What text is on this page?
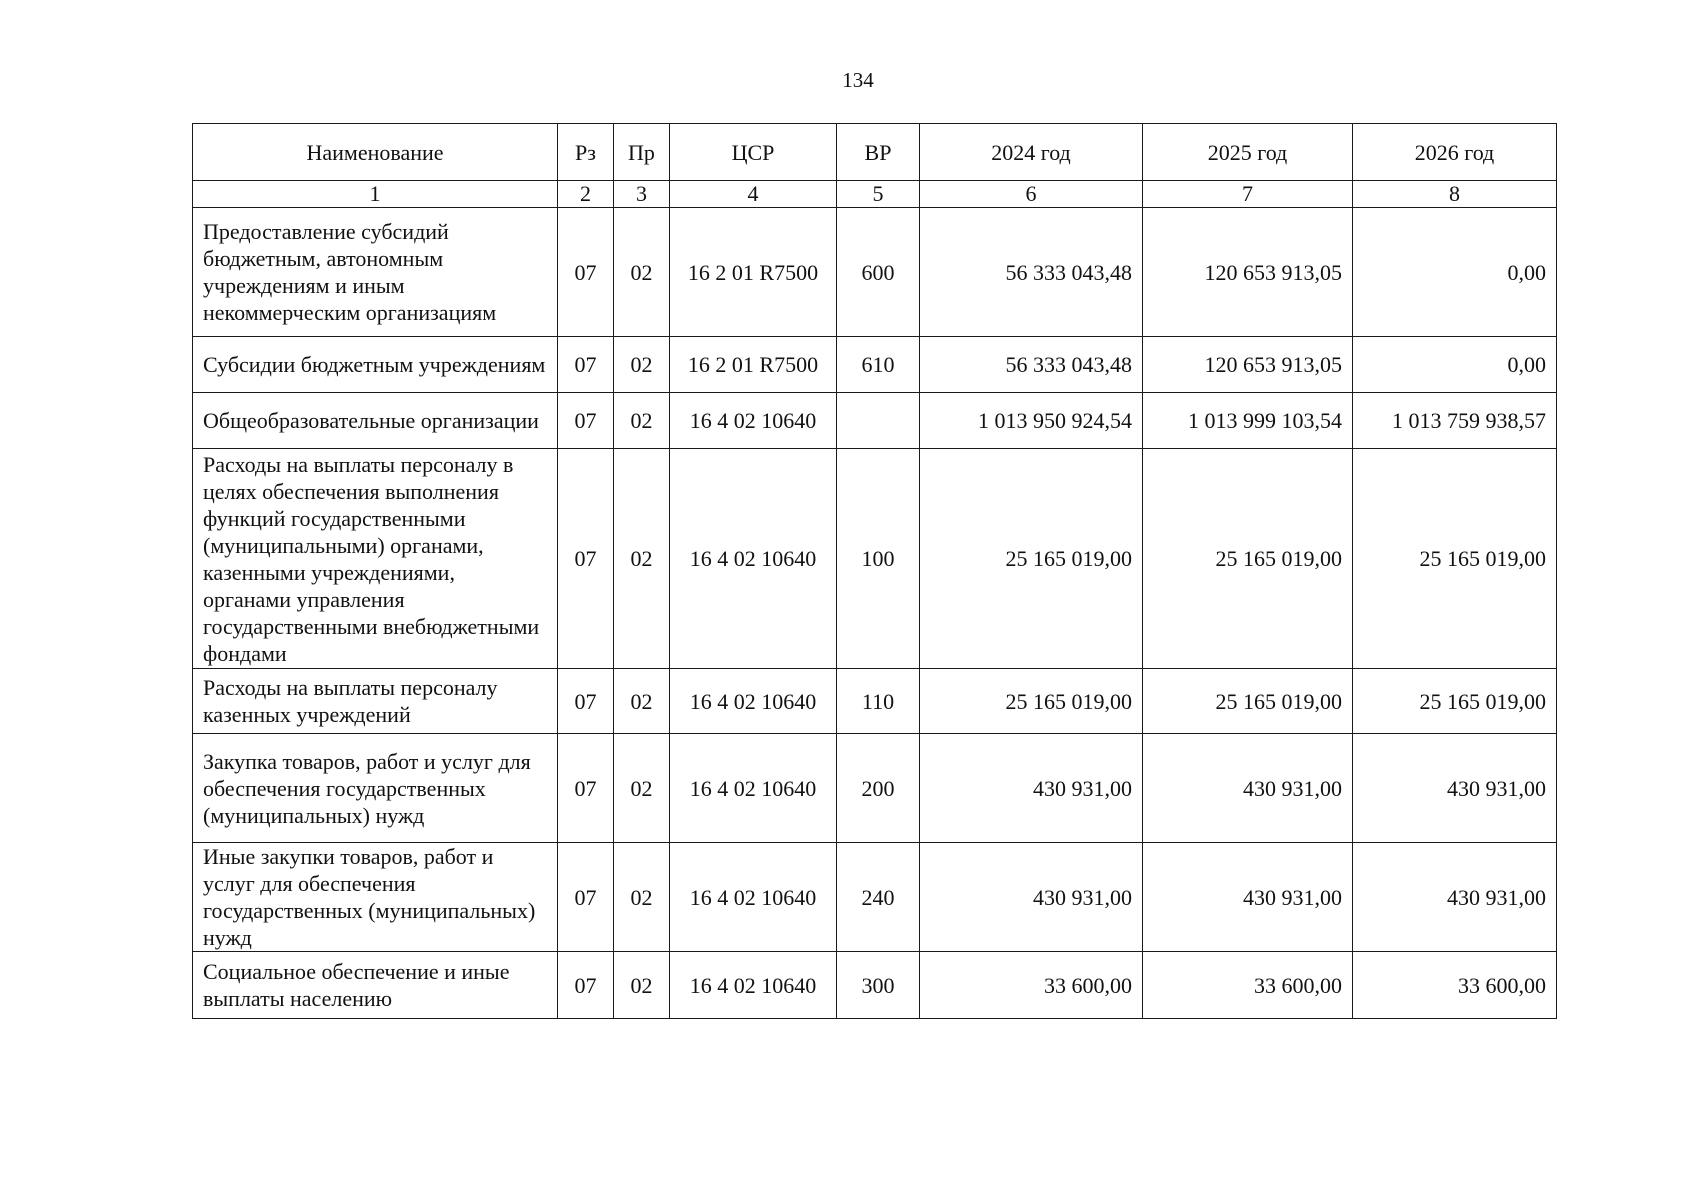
134
Наименование	Рз	Пр	ЦСР	ВР	2024 год	2025 год	2026 год
1	2	3	4	5	6	7	8
Предоставление субсидий бюджетным, автономным учреждениям и иным некоммерческим организациям	07	02	16 2 01 R7500	600	56 333 043,48	120 653 913,05	0,00
Субсидии бюджетным учреждениям	07	02	16 2 01 R7500	610	56 333 043,48	120 653 913,05	0,00
Общеобразовательные организации	07	02	16 4 02 10640		1 013 950 924,54	1 013 999 103,54	1 013 759 938,57
Расходы на выплаты персоналу в целях обеспечения выполнения функций государственными (муниципальными) органами, казенными учреждениями, органами управления государственными внебюджетными фондами	07	02	16 4 02 10640	100	25 165 019,00	25 165 019,00	25 165 019,00
Расходы на выплаты персоналу казенных учреждений	07	02	16 4 02 10640	110	25 165 019,00	25 165 019,00	25 165 019,00
Закупка товаров, работ и услуг для обеспечения государственных (муниципальных) нужд	07	02	16 4 02 10640	200	430 931,00	430 931,00	430 931,00
Иные закупки товаров, работ и услуг для обеспечения государственных (муниципальных) нужд	07	02	16 4 02 10640	240	430 931,00	430 931,00	430 931,00
Социальное обеспечение и иные выплаты населению	07	02	16 4 02 10640	300	33 600,00	33 600,00	33 600,00
